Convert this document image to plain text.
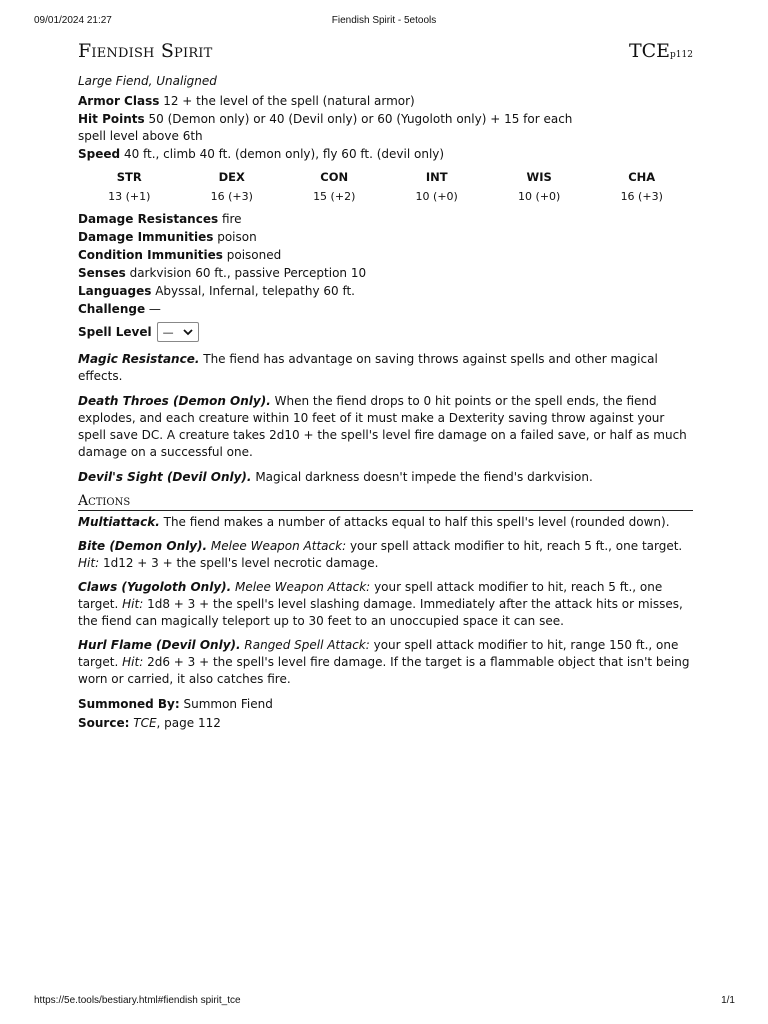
09/01/2024 21:27	Fiendish Spirit - 5etools
Fiendish Spirit	TCEp112
Large Fiend, Unaligned
Armor Class 12 + the level of the spell (natural armor)
Hit Points 50 (Demon only) or 40 (Devil only) or 60 (Yugoloth only) + 15 for each spell level above 6th
Speed 40 ft., climb 40 ft. (demon only), fly 60 ft. (devil only)
STR	DEX	CON	INT	WIS	CHA
13 (+1)	16 (+3)	15 (+2)	10 (+0)	10 (+0)	16 (+3)
Damage Resistances fire
Damage Immunities poison
Condition Immunities poisoned
Senses darkvision 60 ft., passive Perception 10
Languages Abyssal, Infernal, telepathy 60 ft.
Challenge —
Spell Level —
Magic Resistance. The fiend has advantage on saving throws against spells and other magical effects.
Death Throes (Demon Only). When the fiend drops to 0 hit points or the spell ends, the fiend explodes, and each creature within 10 feet of it must make a Dexterity saving throw against your spell save DC. A creature takes 2d10 + the spell's level fire damage on a failed save, or half as much damage on a successful one.
Devil's Sight (Devil Only). Magical darkness doesn't impede the fiend's darkvision.
Actions
Multiattack. The fiend makes a number of attacks equal to half this spell's level (rounded down).
Bite (Demon Only). Melee Weapon Attack: your spell attack modifier to hit, reach 5 ft., one target. Hit: 1d12 + 3 + the spell's level necrotic damage.
Claws (Yugoloth Only). Melee Weapon Attack: your spell attack modifier to hit, reach 5 ft., one target. Hit: 1d8 + 3 + the spell's level slashing damage. Immediately after the attack hits or misses, the fiend can magically teleport up to 30 feet to an unoccupied space it can see.
Hurl Flame (Devil Only). Ranged Spell Attack: your spell attack modifier to hit, range 150 ft., one target. Hit: 2d6 + 3 + the spell's level fire damage. If the target is a flammable object that isn't being worn or carried, it also catches fire.
Summoned By: Summon Fiend
Source: TCE, page 112
https://5e.tools/bestiary.html#fiendish spirit_tce	1/1
